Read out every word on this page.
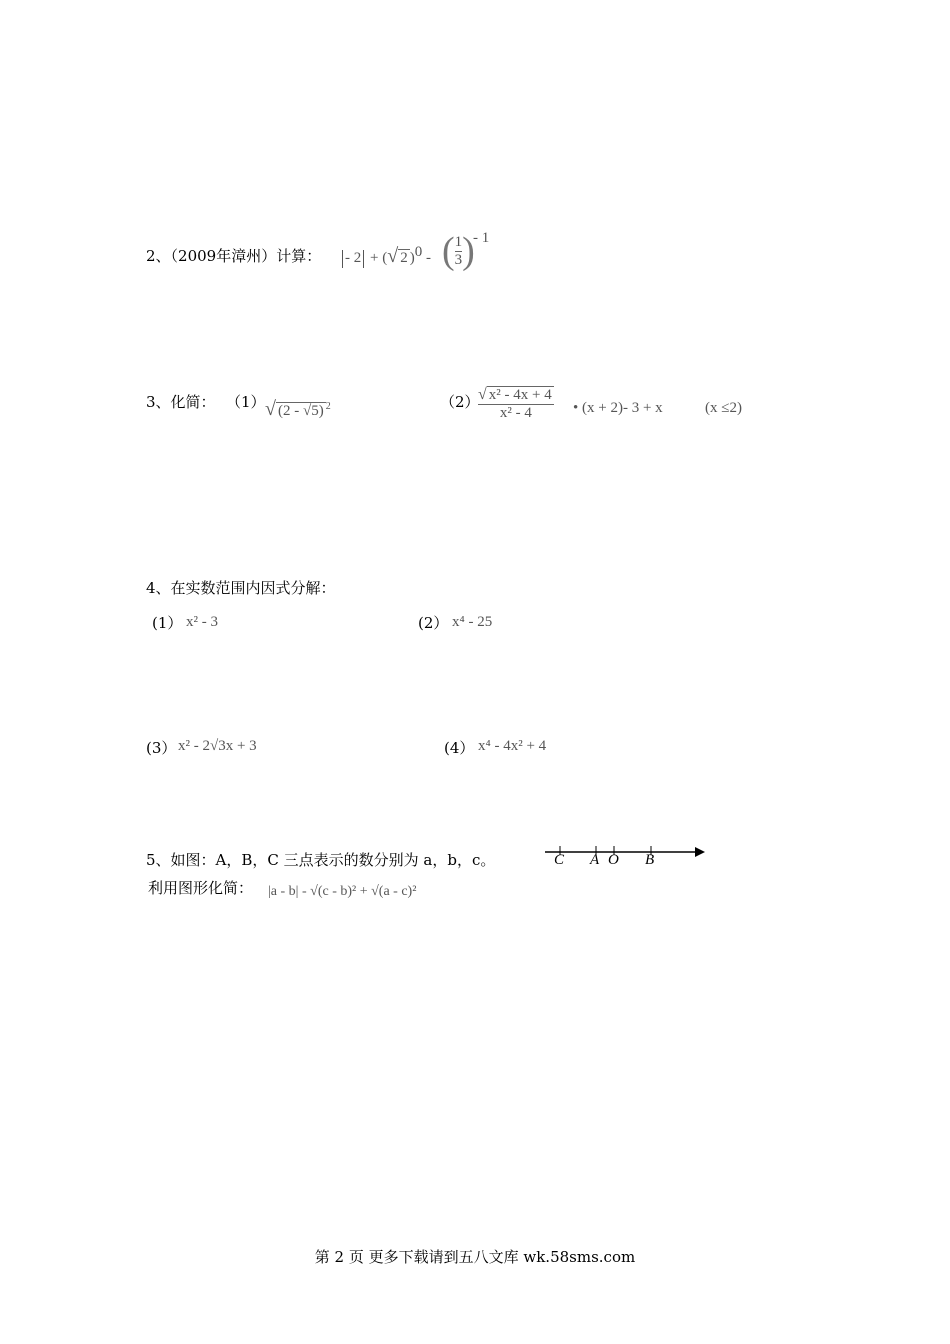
2、（2009年漳州）计算：	- 2 + (√ 2 )0 - ( $\frac{1}{3}$ )
- 1
3、化简： （1） √ (2 - √5) $^2$	（2）
$\frac{\text{√ x² - 4x + 4}}{\text{x² - 4}}$ • (x + 2)- 3 + x	(x ≤2)
4、在实数范围内因式分解：
(1） x² - 3	(2） x⁴ - 25
(3） x² - 2√3x + 3	(4） x⁴ - 4x² + 4
5、如图：A，B，C 三点表示的数分别为 a，b，c。
利用图形化简： |a - b| - √(c - b)² + √(a - c)²
C A O B
第 2 页 更多下载请到五八文库 wk.58sms.com
